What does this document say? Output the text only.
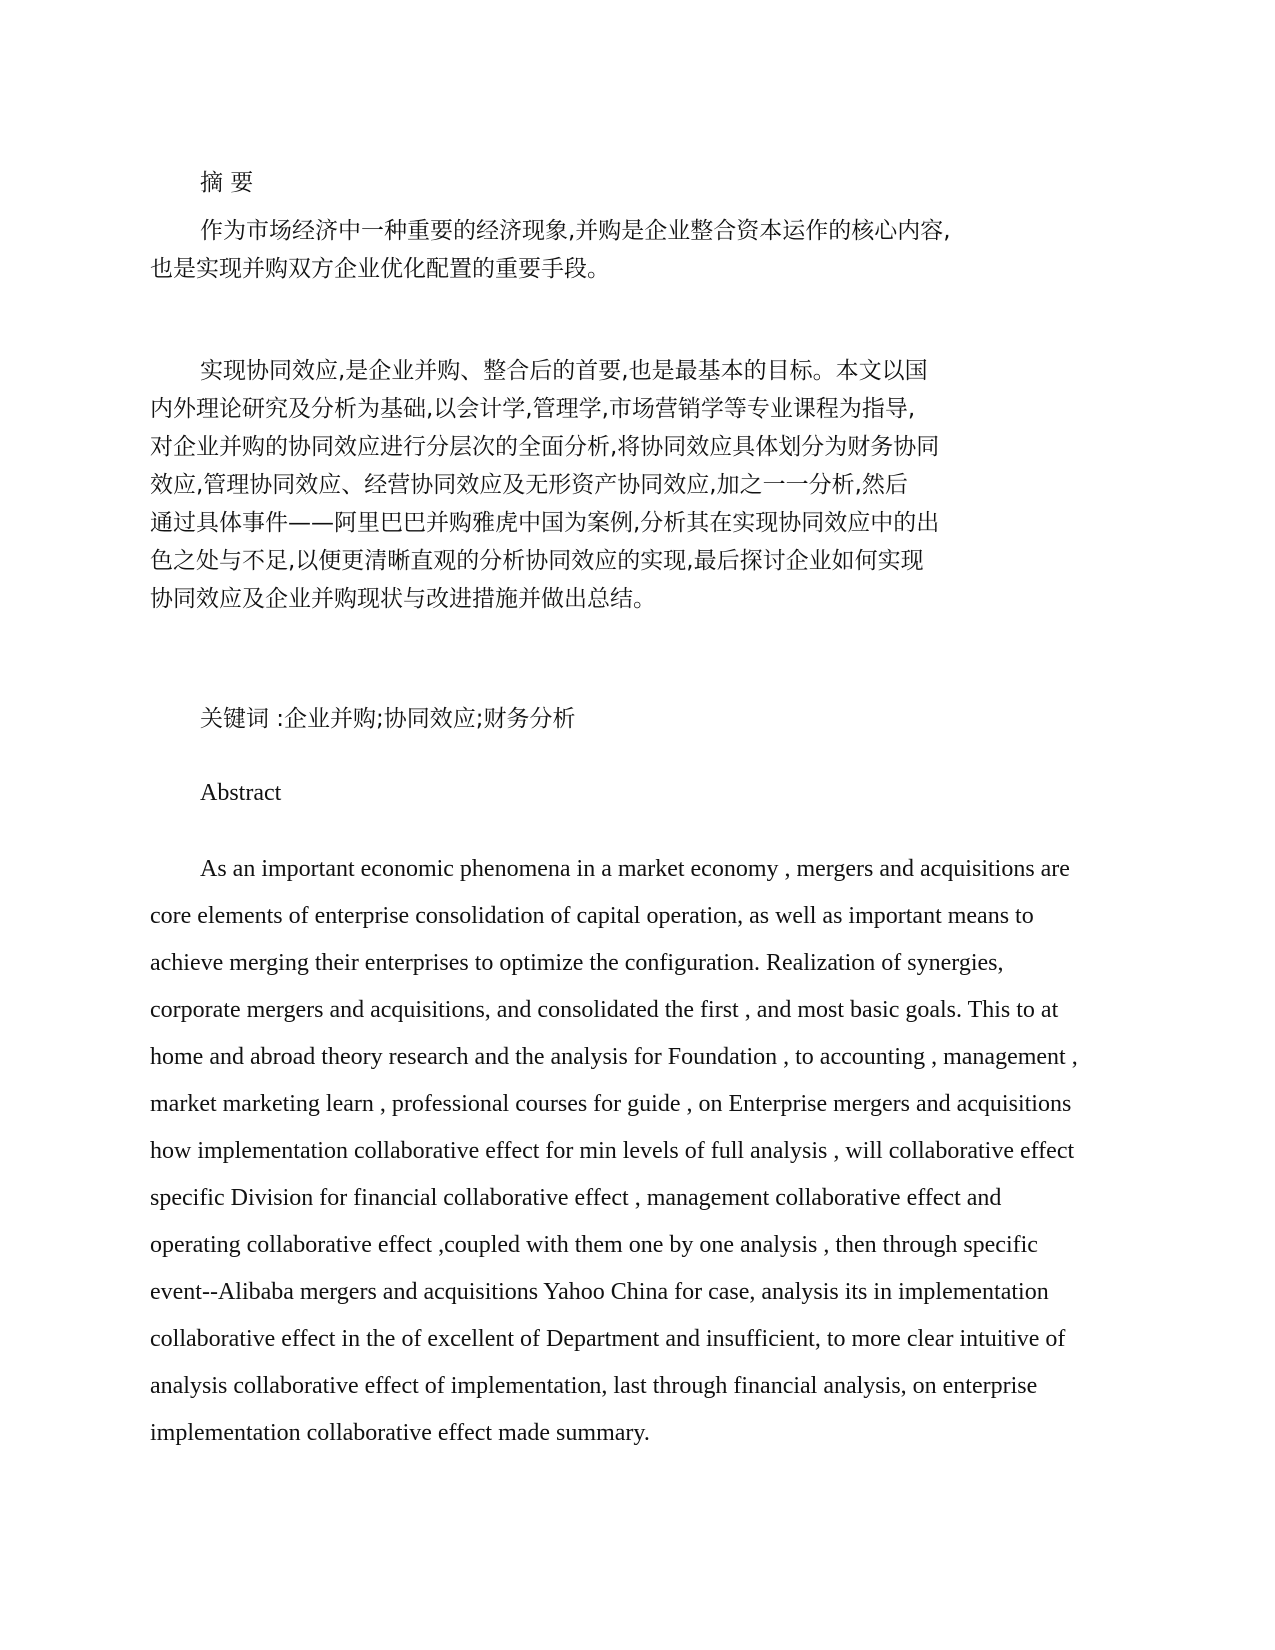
摘 要

作为市场经济中一种重要的经济现象,并购是企业整合资本运作的核心内容,
也是实现并购双方企业优化配置的重要手段。

实现协同效应,是企业并购、整合后的首要,也是最基本的目标。本文以国
内外理论研究及分析为基础,以会计学,管理学,市场营销学等专业课程为指导,
对企业并购的协同效应进行分层次的全面分析,将协同效应具体划分为财务协同
效应,管理协同效应、经营协同效应及无形资产协同效应,加之一一分析,然后
通过具体事件——阿里巴巴并购雅虎中国为案例,分析其在实现协同效应中的出
色之处与不足,以便更清晰直观的分析协同效应的实现,最后探讨企业如何实现
协同效应及企业并购现状与改进措施并做出总结。

关键词 :企业并购;协同效应;财务分析
Abstract

As an important economic phenomena in a market economy , mergers and acquisitions are
core elements of enterprise consolidation of capital operation, as well as important means to
achieve merging their enterprises to optimize the configuration. Realization of synergies,
corporate mergers and acquisitions, and consolidated the first , and most basic goals. This to at
home and abroad theory research and the analysis for Foundation , to accounting , management ,
market marketing learn , professional courses for guide , on Enterprise mergers and acquisitions
how implementation collaborative effect for min levels of full analysis , will collaborative effect
specific Division for financial collaborative effect , management collaborative effect and
operating collaborative effect ,coupled with them one by one analysis , then through specific
event--Alibaba mergers and acquisitions Yahoo China for case, analysis its in implementation
collaborative effect in the of excellent of Department and insufficient, to more clear intuitive of
analysis collaborative effect of implementation, last through financial analysis, on enterprise
implementation collaborative effect made summary.
